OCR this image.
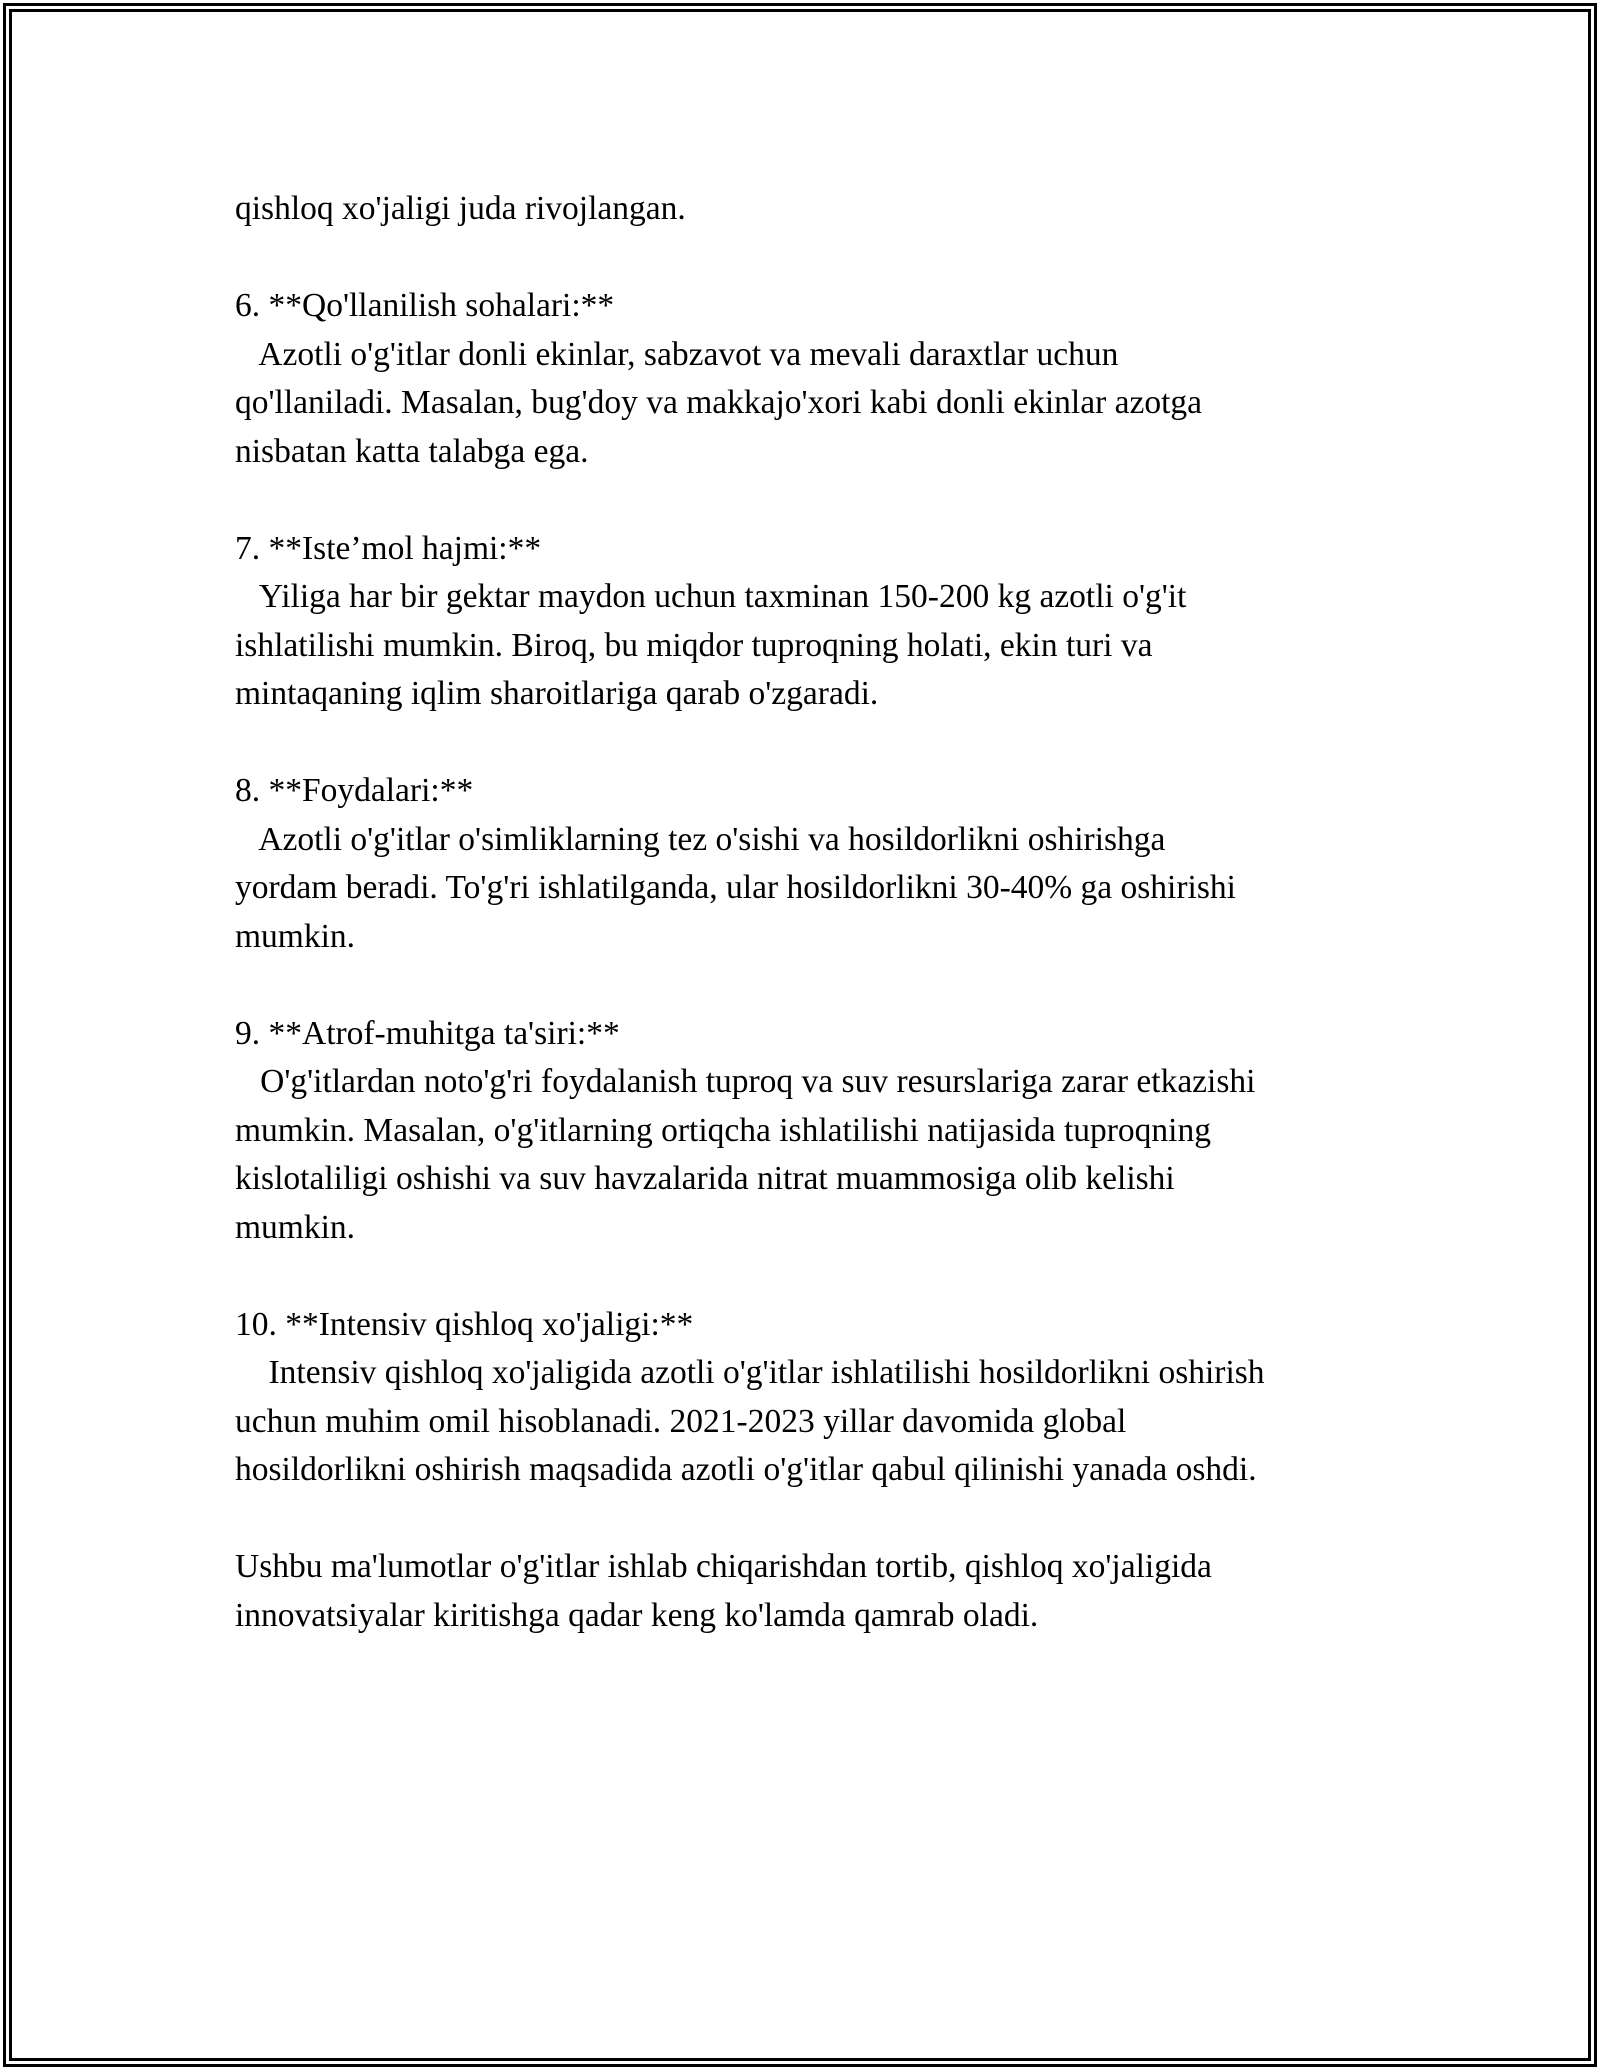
qishloq xo'jaligi juda rivojlangan.
6. **Qo'llanilish sohalari:**
Azotli o'g'itlar donli ekinlar, sabzavot va mevali daraxtlar uchun
qo'llaniladi. Masalan, bug'doy va makkajo'xori kabi donli ekinlar azotga
nisbatan katta talabga ega.
7. **Iste’mol hajmi:**
Yiliga har bir gektar maydon uchun taxminan 150-200 kg azotli o'g'it
ishlatilishi mumkin. Biroq, bu miqdor tuproqning holati, ekin turi va
mintaqaning iqlim sharoitlariga qarab o'zgaradi.
8. **Foydalari:**
Azotli o'g'itlar o'simliklarning tez o'sishi va hosildorlikni oshirishga
yordam beradi. To'g'ri ishlatilganda, ular hosildorlikni 30-40% ga oshirishi
mumkin.
9. **Atrof-muhitga ta'siri:**
O'g'itlardan noto'g'ri foydalanish tuproq va suv resurslariga zarar etkazishi
mumkin. Masalan, o'g'itlarning ortiqcha ishlatilishi natijasida tuproqning
kislotaliligi oshishi va suv havzalarida nitrat muammosiga olib kelishi
mumkin.
10. **Intensiv qishloq xo'jaligi:**
Intensiv qishloq xo'jaligida azotli o'g'itlar ishlatilishi hosildorlikni oshirish
uchun muhim omil hisoblanadi. 2021-2023 yillar davomida global
hosildorlikni oshirish maqsadida azotli o'g'itlar qabul qilinishi yanada oshdi.
Ushbu ma'lumotlar o'g'itlar ishlab chiqarishdan tortib, qishloq xo'jaligida
innovatsiyalar kiritishga qadar keng ko'lamda qamrab oladi.
